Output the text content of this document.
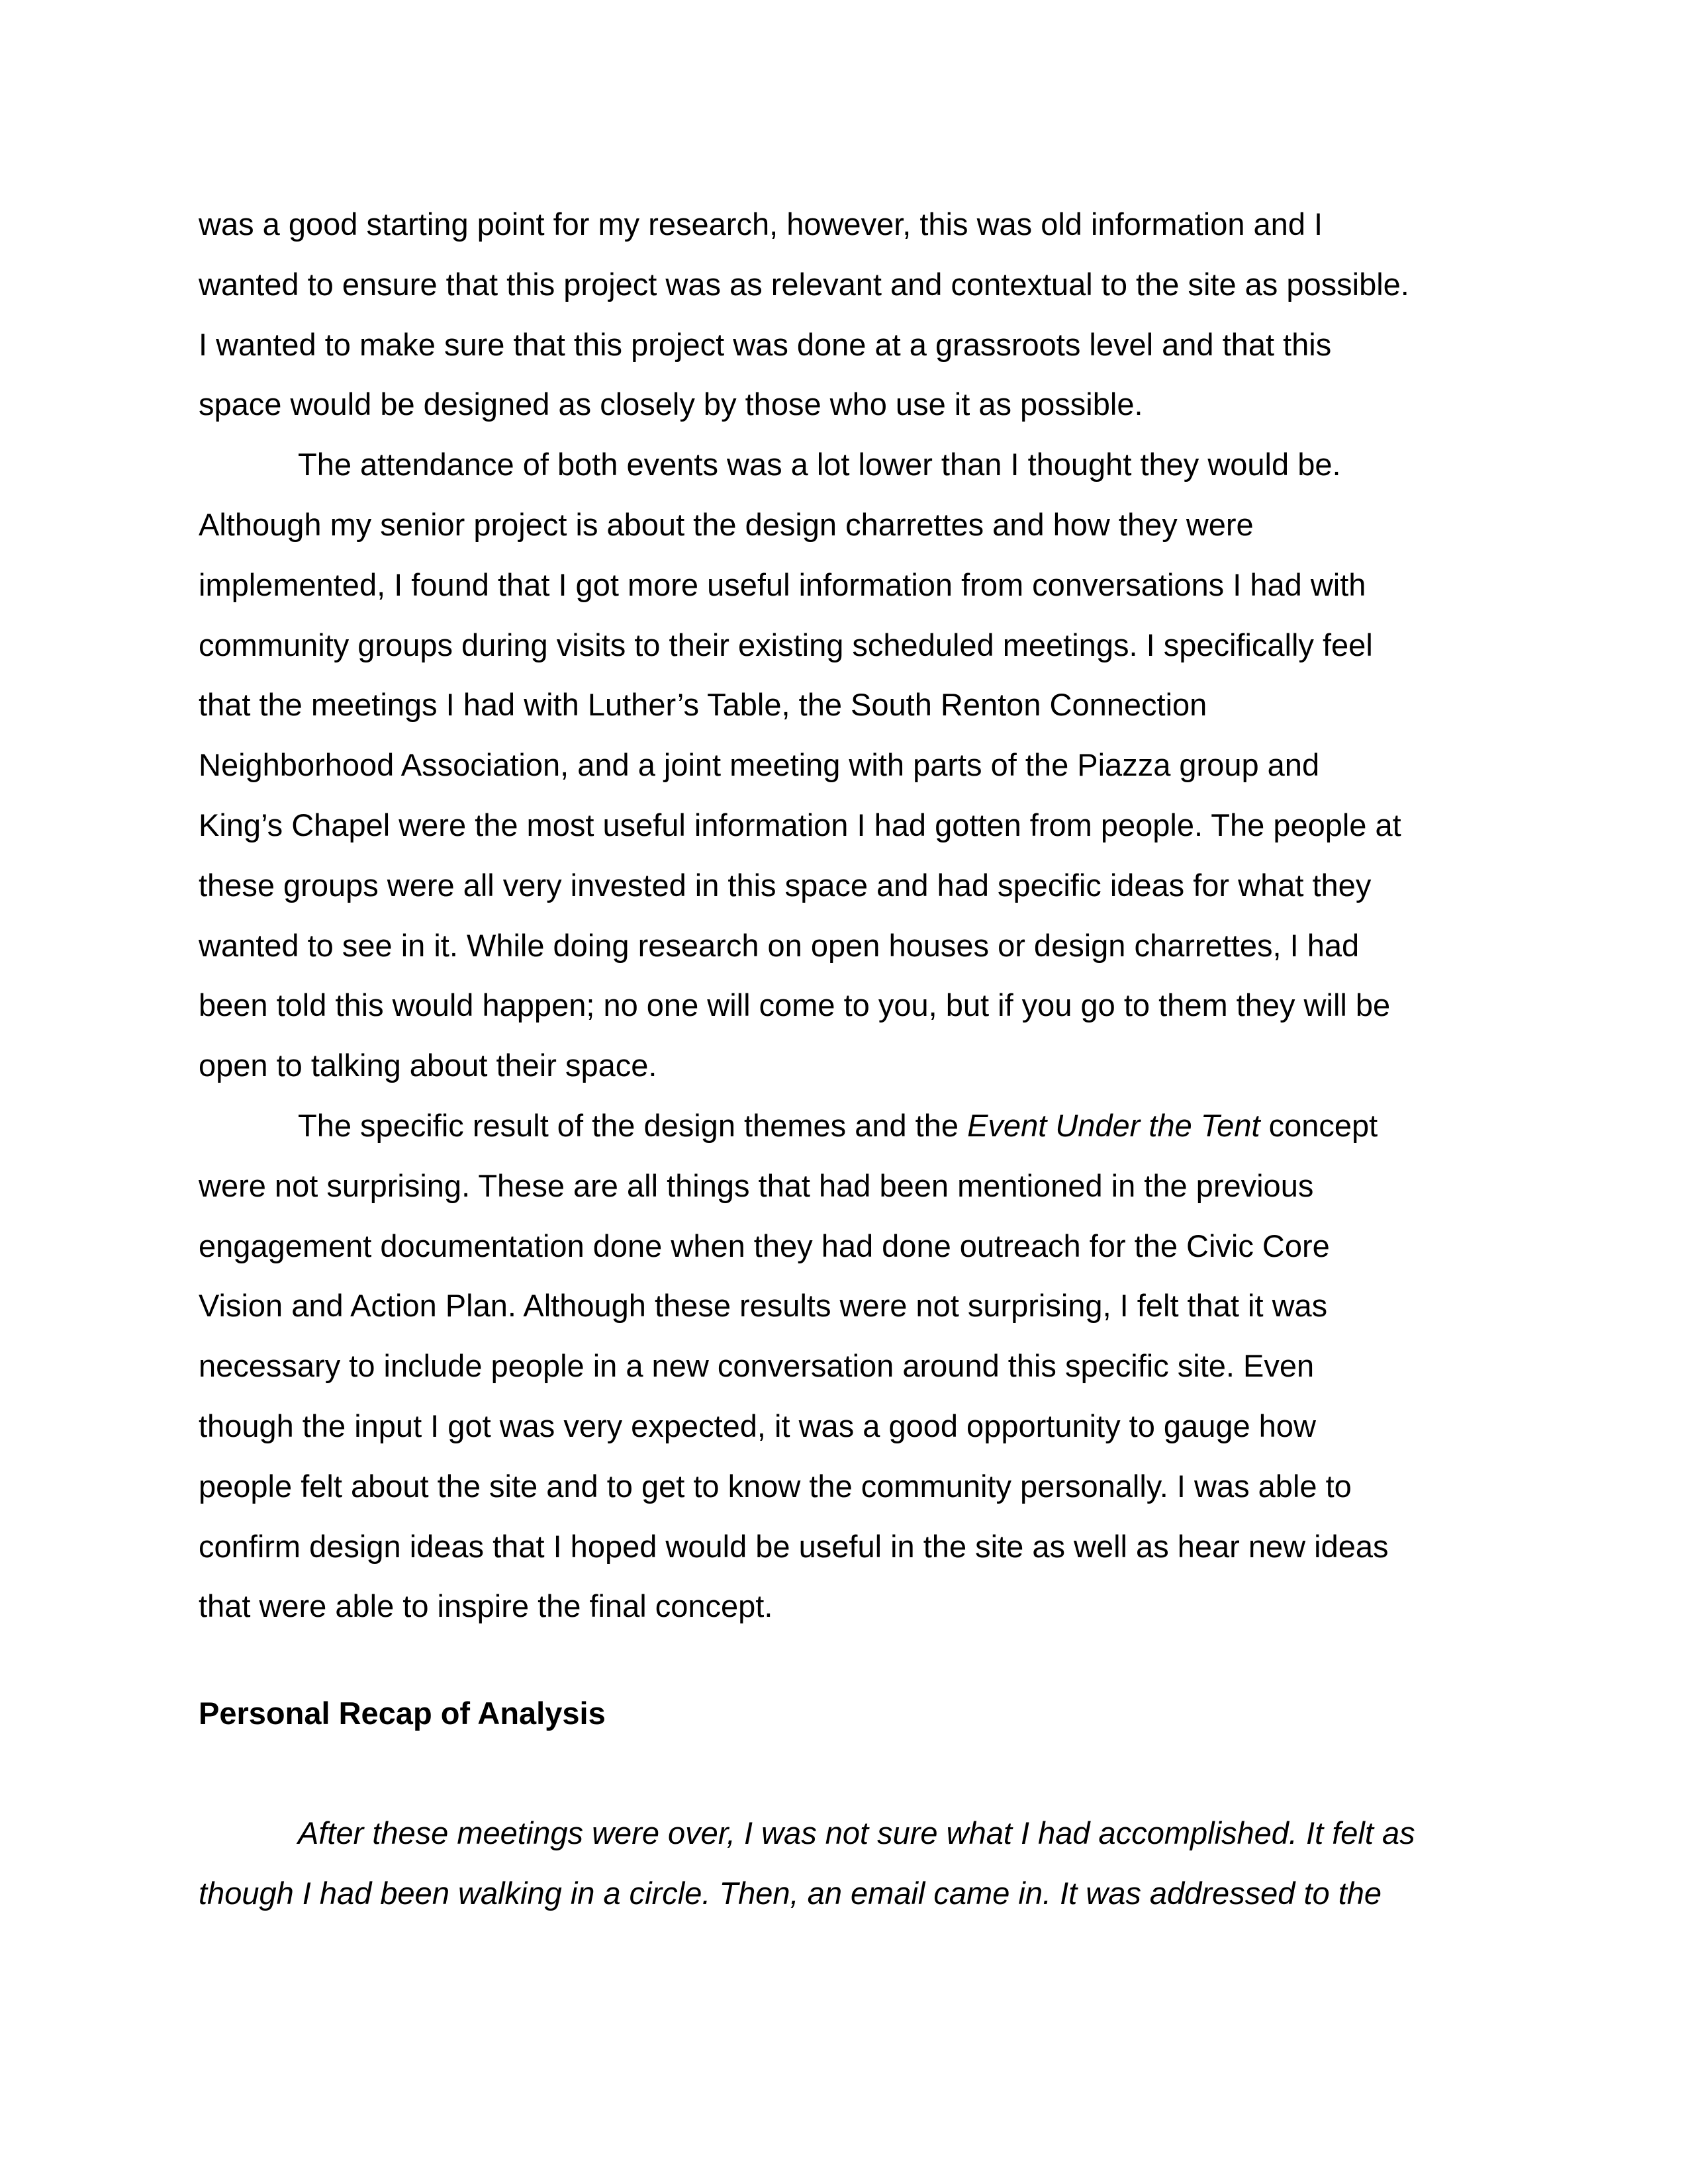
was a good starting point for my research, however, this was old information and I
wanted to ensure that this project was as relevant and contextual to the site as possible.
I wanted to make sure that this project was done at a grassroots level and that this
space would be designed as closely by those who use it as possible.
The attendance of both events was a lot lower than I thought they would be.
Although my senior project is about the design charrettes and how they were
implemented, I found that I got more useful information from conversations I had with
community groups during visits to their existing scheduled meetings. I specifically feel
that the meetings I had with Luther’s Table, the South Renton Connection
Neighborhood Association, and a joint meeting with parts of the Piazza group and
King’s Chapel were the most useful information I had gotten from people. The people at
these groups were all very invested in this space and had specific ideas for what they
wanted to see in it. While doing research on open houses or design charrettes, I had
been told this would happen; no one will come to you, but if you go to them they will be
open to talking about their space.
The specific result of the design themes and the Event Under the Tent concept
were not surprising. These are all things that had been mentioned in the previous
engagement documentation done when they had done outreach for the Civic Core
Vision and Action Plan. Although these results were not surprising, I felt that it was
necessary to include people in a new conversation around this specific site. Even
though the input I got was very expected, it was a good opportunity to gauge how
people felt about the site and to get to know the community personally. I was able to
confirm design ideas that I hoped would be useful in the site as well as hear new ideas
that were able to inspire the final concept.
Personal Recap of Analysis
After these meetings were over, I was not sure what I had accomplished. It felt as
though I had been walking in a circle. Then, an email came in. It was addressed to the
